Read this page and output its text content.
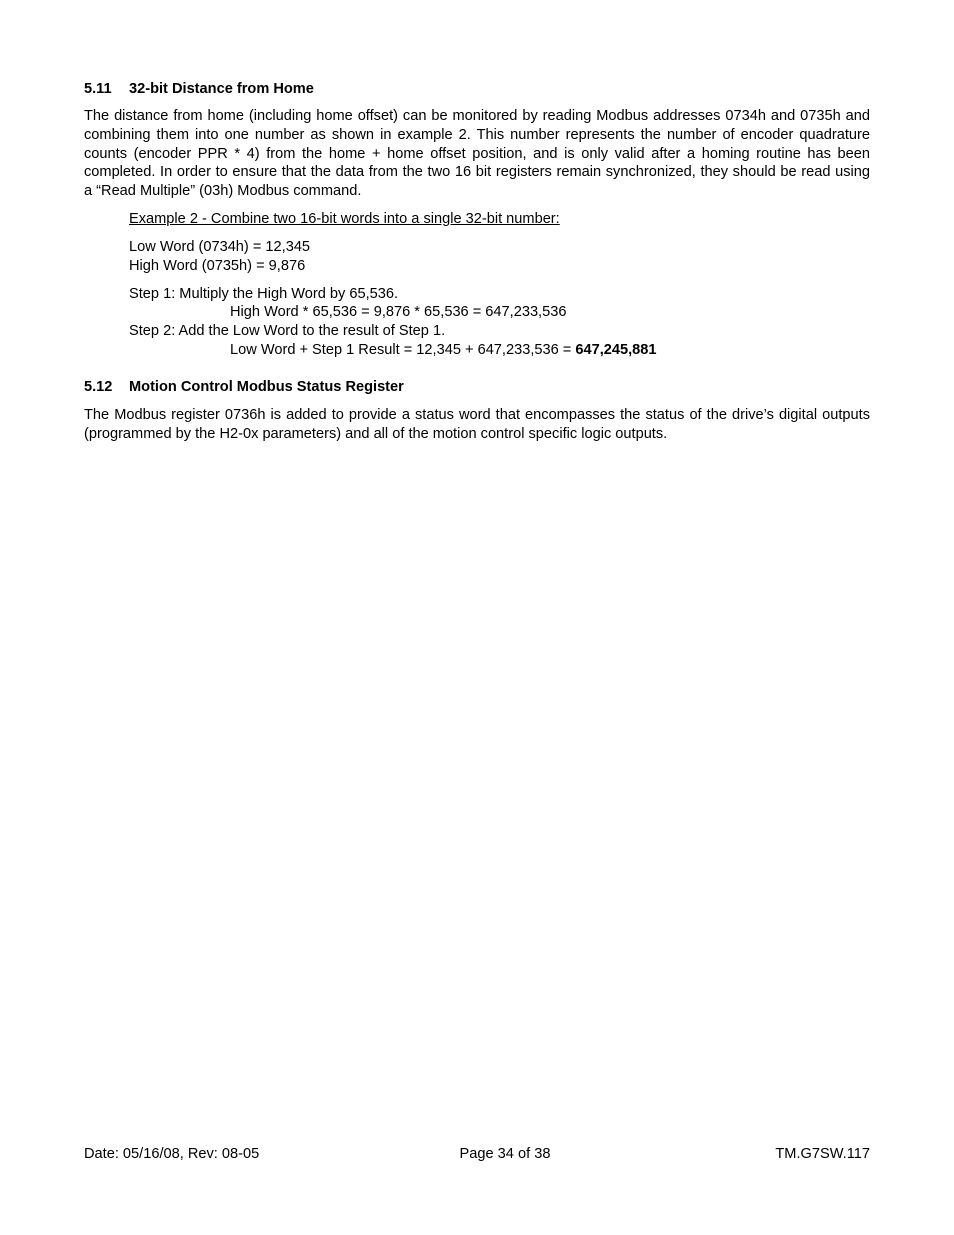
5.11 32-bit Distance from Home
The distance from home (including home offset) can be monitored by reading Modbus addresses 0734h and 0735h and combining them into one number as shown in example 2. This number represents the number of encoder quadrature counts (encoder PPR * 4) from the home + home offset position, and is only valid after a homing routine has been completed. In order to ensure that the data from the two 16 bit registers remain synchronized, they should be read using a “Read Multiple” (03h) Modbus command.
Example 2 - Combine two 16-bit words into a single 32-bit number:
Low Word (0734h) = 12,345
High Word (0735h) = 9,876
Step 1: Multiply the High Word by 65,536.
High Word * 65,536 = 9,876 * 65,536 = 647,233,536
Step 2: Add the Low Word to the result of Step 1.
Low Word + Step 1 Result = 12,345 + 647,233,536 = 647,245,881
5.12 Motion Control Modbus Status Register
The Modbus register 0736h is added to provide a status word that encompasses the status of the drive’s digital outputs (programmed by the H2-0x parameters) and all of the motion control specific logic outputs.
Date: 05/16/08, Rev: 08-05	Page 34 of 38	TM.G7SW.117
